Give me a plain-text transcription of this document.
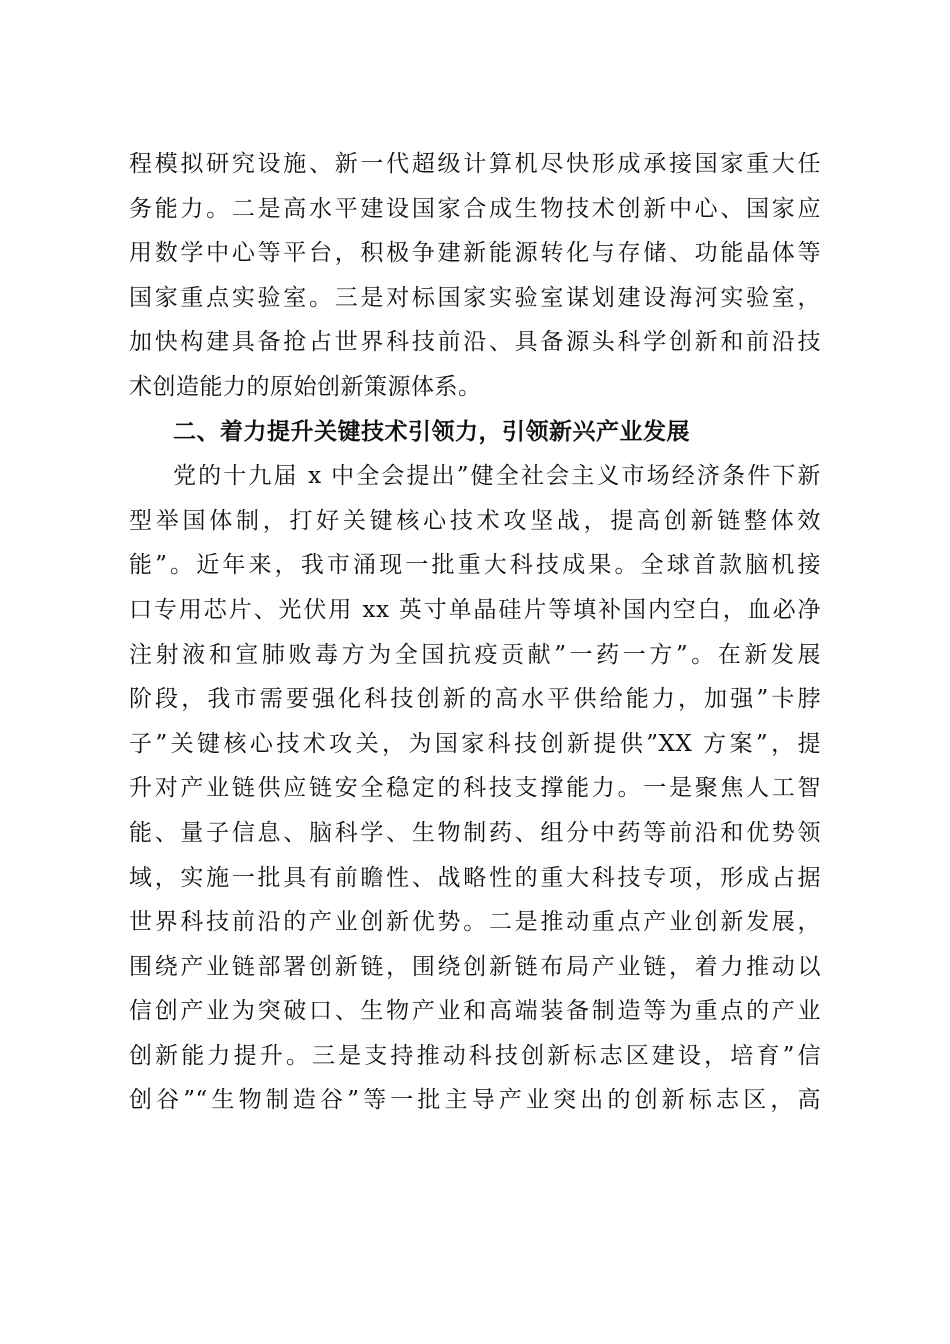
程模拟研究设施、新一代超级计算机尽快形成承接国家重大任
务能力。二是高水平建设国家合成生物技术创新中心、国家应
用数学中心等平台，积极争建新能源转化与存储、功能晶体等
国家重点实验室。三是对标国家实验室谋划建设海河实验室，
加快构建具备抢占世界科技前沿、具备源头科学创新和前沿技
术创造能力的原始创新策源体系。
二、着力提升关键技术引领力，引领新兴产业发展
党的十九届 x 中全会提出”健全社会主义市场经济条件下新
型举国体制，打好关键核心技术攻坚战，提高创新链整体效
能”。近年来，我市涌现一批重大科技成果。全球首款脑机接
口专用芯片、光伏用 xx 英寸单晶硅片等填补国内空白，血必净
注射液和宣肺败毒方为全国抗疫贡献”一药一方”。在新发展
阶段，我市需要强化科技创新的高水平供给能力，加强”卡脖
子”关键核心技术攻关，为国家科技创新提供”XX 方案”，提
升对产业链供应链安全稳定的科技支撑能力。一是聚焦人工智
能、量子信息、脑科学、生物制药、组分中药等前沿和优势领
域，实施一批具有前瞻性、战略性的重大科技专项，形成占据
世界科技前沿的产业创新优势。二是推动重点产业创新发展，
围绕产业链部署创新链，围绕创新链布局产业链，着力推动以
信创产业为突破口、生物产业和高端装备制造等为重点的产业
创新能力提升。三是支持推动科技创新标志区建设，培育”信
创谷”“生物制造谷”等一批主导产业突出的创新标志区，高
